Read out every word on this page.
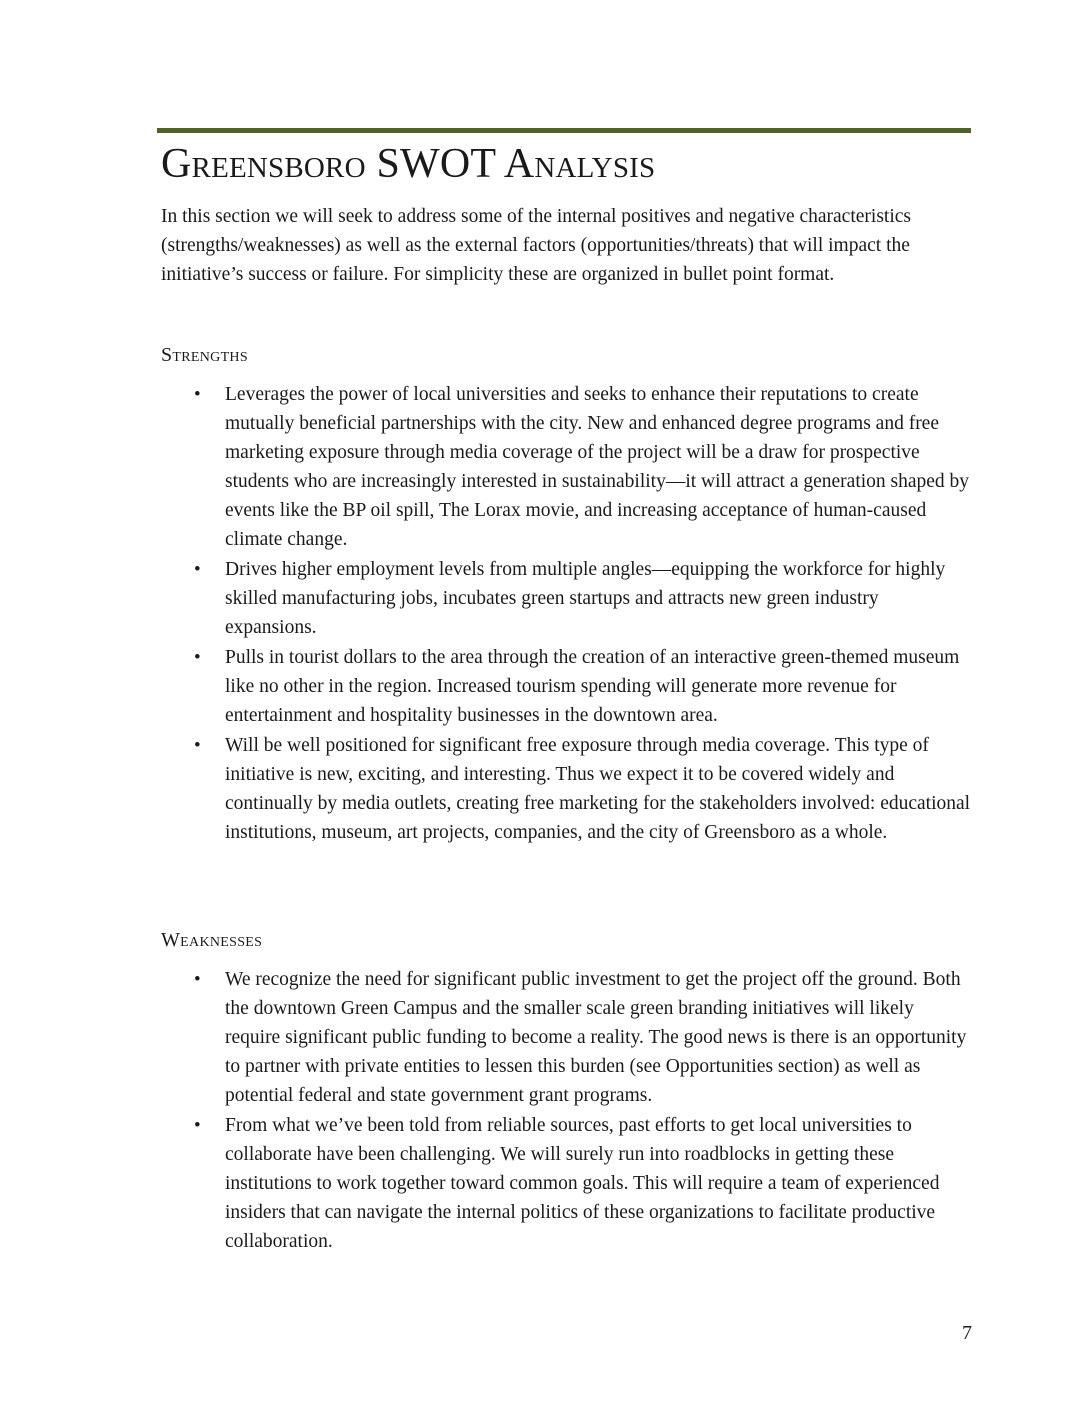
Greensboro SWOT Analysis

In this section we will seek to address some of the internal positives and negative characteristics (strengths/weaknesses) as well as the external factors (opportunities/threats) that will impact the initiative’s success or failure. For simplicity these are organized in bullet point format.

Strengths
• Leverages the power of local universities and seeks to enhance their reputations to create mutually beneficial partnerships with the city. New and enhanced degree programs and free marketing exposure through media coverage of the project will be a draw for prospective students who are increasingly interested in sustainability—it will attract a generation shaped by events like the BP oil spill, The Lorax movie, and increasing acceptance of human-caused climate change.
• Drives higher employment levels from multiple angles—equipping the workforce for highly skilled manufacturing jobs, incubates green startups and attracts new green industry expansions.
• Pulls in tourist dollars to the area through the creation of an interactive green-themed museum like no other in the region. Increased tourism spending will generate more revenue for entertainment and hospitality businesses in the downtown area.
• Will be well positioned for significant free exposure through media coverage. This type of initiative is new, exciting, and interesting. Thus we expect it to be covered widely and continually by media outlets, creating free marketing for the stakeholders involved: educational institutions, museum, art projects, companies, and the city of Greensboro as a whole.
Weaknesses
• We recognize the need for significant public investment to get the project off the ground. Both the downtown Green Campus and the smaller scale green branding initiatives will likely require significant public funding to become a reality. The good news is there is an opportunity to partner with private entities to lessen this burden (see Opportunities section) as well as potential federal and state government grant programs.
• From what we’ve been told from reliable sources, past efforts to get local universities to collaborate have been challenging. We will surely run into roadblocks in getting these institutions to work together toward common goals. This will require a team of experienced insiders that can navigate the internal politics of these organizations to facilitate productive collaboration.
7
